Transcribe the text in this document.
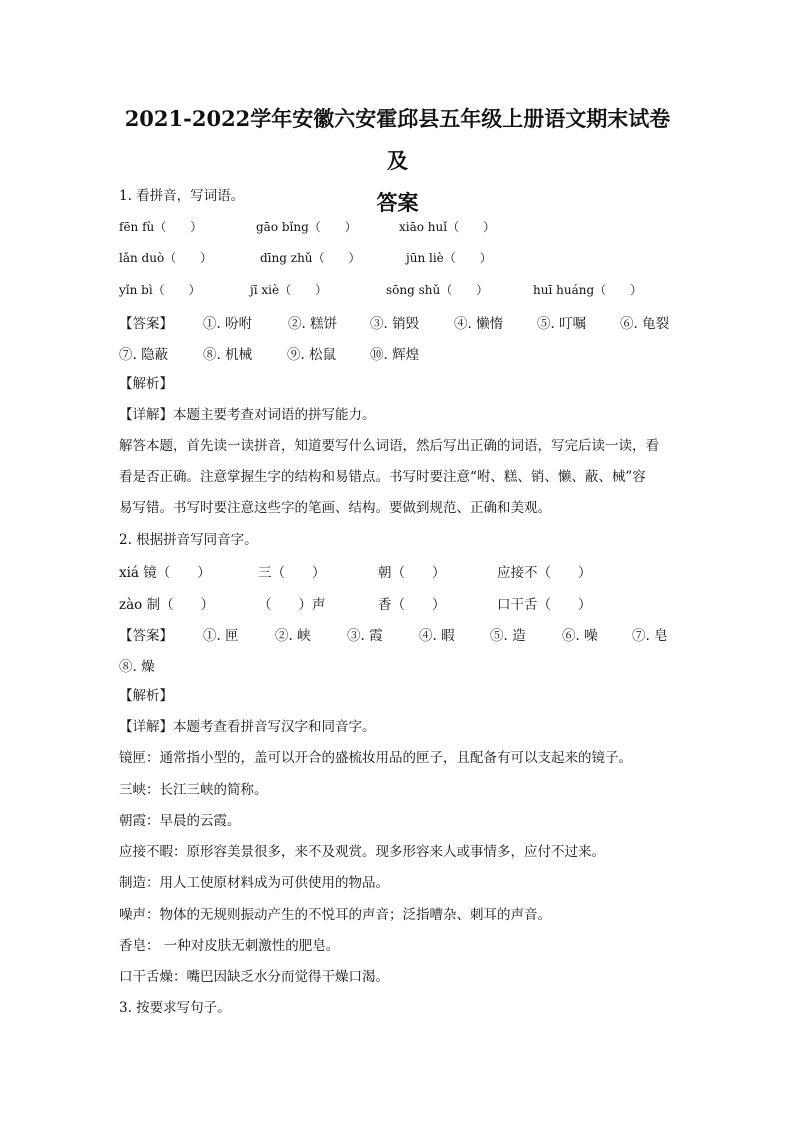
2021-2022学年安徽六安霍邱县五年级上册语文期末试卷及
答案
1. 看拼音，写词语。
fēn fù（　　）	gāo bǐng（　　）	xiāo huǐ（　　）
lǎn duò（　　）	dīng zhǔ（　　）	jūn liè（　　）
yǐn bì（　　）	jī xiè（　　）	sōng shǔ（　　）	huī huáng（　　）
【答案】 ①. 吩咐	②. 糕饼 ③. 销毁	④. 懒惰	⑤. 叮嘱	⑥. 龟裂
⑦. 隐蔽	⑧. 机械	⑨. 松鼠	⑩. 辉煌
【解析】
【详解】本题主要考查对词语的拼写能力。
解答本题，首先读一读拼音，知道要写什么词语，然后写出正确的词语，写完后读一读，看
看是否正确。注意掌握生字的结构和易错点。书写时要注意“咐、糕、销、懒、蔽、械”容
易写错。书写时要注意这些字的笔画、结构。要做到规范、正确和美观。
2. 根据拼音写同音字。
xiá 镜（　　）	三（　　）	朝（　　）	应接不（　　）
zào 制（　　）	（　　）声	香（　　）	口干舌（　　）
【答案】 ①. 匣	②. 峡	③. 霞	④. 暇	⑤. 造	⑥. 噪	⑦. 皂
⑧. 燥
【解析】
【详解】本题考查看拼音写汉字和同音字。
镜匣：通常指小型的，盖可以开合的盛梳妆用品的匣子，且配备有可以支起来的镜子。
三峡：长江三峡的简称。
朝霞：早晨的云霞。
应接不暇：原形容美景很多，来不及观赏。现多形容来人或事情多，应付不过来。
制造：用人工使原材料成为可供使用的物品。
噪声：物体的无规则振动产生的不悦耳的声音；泛指嘈杂、刺耳的声音。
香皂： 一种对皮肤无刺激性的肥皂。
口干舌燥：嘴巴因缺乏水分而觉得干燥口渴。
3. 按要求写句子。
